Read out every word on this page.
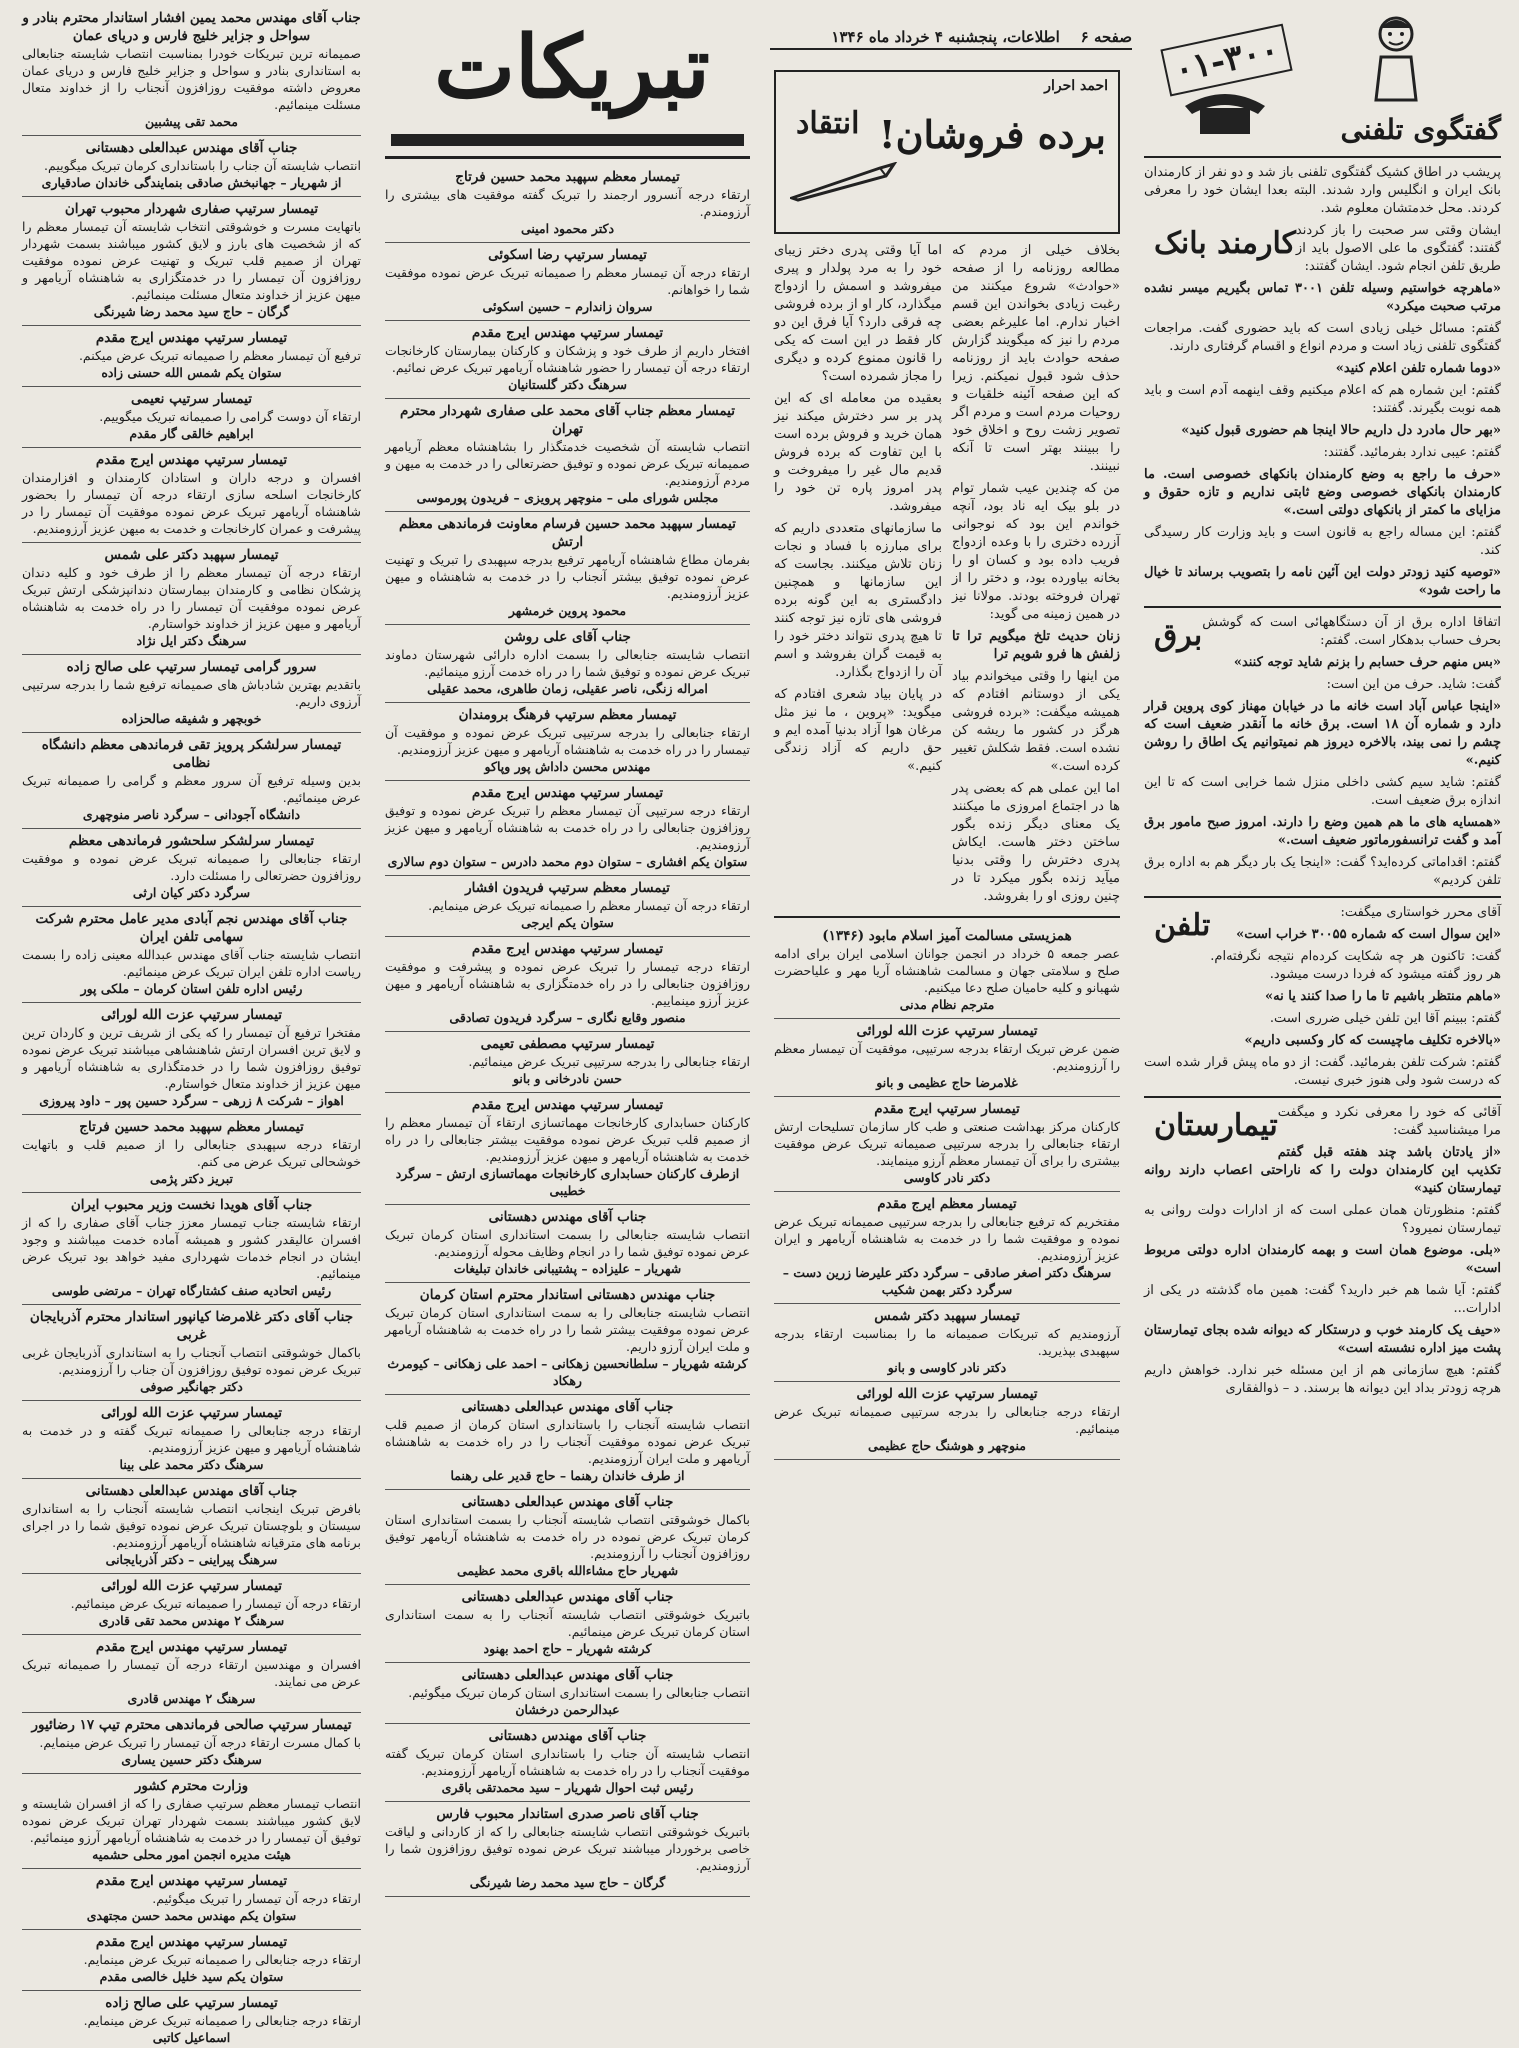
صفحه ۶    اطلاعات، پنجشنبه ۴ خرداد ماه ۱۳۴۶	۰۱-۳۰۰
گفتگوی تلفنی

پریشب در اطاق کشیک گفتگوی تلفنی باز شد و دو نفر از کارمندان بانک ایران و انگلیس وارد شدند. البته بعدا ایشان خود را معرفی کردند. محل خدمتشان معلوم شد.

کارمند بانک ایشان وقتی سر صحبت را باز کردند گفتند: گفتگوی ما علی الاصول باید از طریق تلفن انجام شود. ایشان گفتند:

«ماهرچه خواستیم وسیله تلفن ۳۰۰۱ تماس بگیریم میسر نشده مرتب صحبت میکرد»

گفتم: مسائل خیلی زیادی است که باید حضوری گفت. مراجعات گفتگوی تلفنی زیاد است و مردم انواع و اقسام گرفتاری دارند.

«دوما شماره تلفن اعلام کنید»

گفتم: این شماره هم که اعلام میکنیم وقف اینهمه آدم است و باید همه نوبت بگیرند. گفتند:

«بهر حال مادرد دل داریم حالا اینجا هم حضوری قبول کنید»

گفتم: عیبی ندارد بفرمائید. گفتند:

«حرف ما راجع به وضع کارمندان بانکهای خصوصی است. ما کارمندان بانکهای خصوصی وضع ثابتی نداریم و تازه حقوق و مزایای ما کمتر از بانکهای دولتی است.»

گفتم: این مساله راجع به قانون است و باید وزارت کار رسیدگی کند.

«توصیه کنید زودتر دولت این آئین نامه را بتصویب برساند تا خیال ما راحت شود»

برق اتفاقا اداره برق از آن دستگاههائی است که گوشش بحرف حساب بدهکار است. گفتم:

«بس منهم حرف حسابم را بزنم شاید توجه کنند»

گفت: شاید. حرف من این است:

«اینجا عباس آباد است خانه ما در خیابان مهناز کوی پروین قرار دارد و شماره آن ۱۸ است. برق خانه ما آنقدر ضعیف است که چشم را نمی بیند، بالاخره دیروز هم نمیتوانیم یک اطاق را روشن کنیم.»

گفتم: شاید سیم کشی داخلی منزل شما خرابی است که تا این اندازه برق ضعیف است.

«همسایه های ما هم همین وضع را دارند. امروز صبح مامور برق آمد و گفت ترانسفورماتور ضعیف است.»

گفتم: اقداماتی کرده‌اید؟ گفت: «اینجا یک بار دیگر هم به اداره برق تلفن کردیم»

تلفن	آقای محرر خواستاری میگفت:

«این سوال است که شماره ۳۰۰۵۵ خراب است»

گفت: تاکنون هر چه شکایت کرده‌ام نتیجه نگرفته‌ام. هر روز گفته میشود که فردا درست میشود.

«ماهم منتظر باشیم تا ما را صدا کنند یا نه»

گفتم: ببینم آقا این تلفن خیلی ضرری است.

«بالاخره تکلیف ماچیست که کار وکسبی داریم»

گفتم: شرکت تلفن بفرمائید. گفت: از دو ماه پیش قرار شده است که درست شود ولی هنوز خبری نیست.

تیمارستان آقائی که خود را معرفی نکرد و میگفت مرا میشناسید گفت:

«از یادتان باشد چند هفته قبل گفتم تکذیب این کارمندان دولت را که ناراحتی اعصاب دارند روانه تیمارستان کنید»

گفتم: منظورتان همان عملی است که از ادارات دولت روانی به تیمارستان نمیرود؟

«بلی. موضوع همان است و بهمه کارمندان اداره دولتی مربوط است»

گفتم: آیا شما هم خبر دارید؟ گفت: همین ماه گذشته در یکی از ادارات...

«حیف یک کارمند خوب و درستکار که دیوانه شده بجای تیمارستان پشت میز اداره نشسته است»

گفتم: هیچ سازمانی هم از این مسئله خبر ندارد. خواهش داریم هرچه زودتر بداد این دیوانه ها برسند. د – ذوالفقاری

انتقاد
احمد احرار
برده فروشان!

بخلاف خیلی از مردم که مطالعه روزنامه را از صفحه «حوادث» شروع میکنند من رغبت زیادی بخواندن این قسم اخبار ندارم. اما علیرغم بعضی مردم را نیز که میگویند گزارش صفحه حوادث باید از روزنامه حذف شود قبول نمیکنم. زیرا که این صفحه آئینه خلقیات و روحیات مردم است و مردم اگر تصویر زشت روح و اخلاق خود را ببینند بهتر است تا آنکه نبینند.

من که چندین عیب شمار توام در بلو بیک ایه ناد بود، آنچه خواندم این بود که نوجوانی آزرده دختری را با وعده ازدواج فریب داده بود و کسان او را بخانه بیاورده بود، و دختر را از تهران فروخته بودند. مولانا نیز در همین زمینه می گوید:

زنان حدیث تلخ میگویم ترا تا زلفش ها فرو شویم ترا

من اینها را وقتی میخواندم بیاد یکی از دوستانم افتادم که همیشه میگفت: «برده فروشی هرگز در کشور ما ریشه کن نشده است. فقط شکلش تغییر کرده است.»

اما این عملی هم که بعضی پدر ها در اجتماع امروزی ما میکنند یک معنای دیگر زنده بگور ساختن دختر هاست. ایکاش پدری دخترش را وقتی بدنیا میآید زنده بگور میکرد تا در چنین روزی او را بفروشد.

اما آیا وقتی پدری دختر زیبای خود را به مرد پولدار و پیری میفروشد و اسمش را ازدواج میگذارد، کار او از برده فروشی چه فرقی دارد؟ آیا فرق این دو کار فقط در این است که یکی را قانون ممنوع کرده و دیگری را مجاز شمرده است؟

بعقیده من معامله ای که این پدر بر سر دخترش میکند نیز همان خرید و فروش برده است با این تفاوت که برده فروش قدیم مال غیر را میفروخت و پدر امروز پاره تن خود را میفروشد.

ما سازمانهای متعددی داریم که برای مبارزه با فساد و نجات زنان تلاش میکنند. بجاست که این سازمانها و همچنین دادگستری به این گونه برده فروشی های تازه نیز توجه کنند تا هیچ پدری نتواند دختر خود را به قیمت گران بفروشد و اسم آن را ازدواج بگذارد.

در پایان بیاد شعری افتادم که میگوید: «پروین ، ما نیز مثل مرغان هوا آزاد بدنیا آمده ایم و حق داریم که آزاد زندگی کنیم.»

همزیستی مسالمت آمیز اسلام مابود (۱۳۴۶)
عصر جمعه ۵ خرداد در انجمن جوانان اسلامی ایران برای ادامه صلح و سلامتی جهان و مسالمت شاهنشاه آریا مهر و علیاحضرت شهبانو و کلیه حامیان صلح دعا میکنیم.
مترجم نظام مدنی
تیمسار سرتیپ عزت الله لورائی
ضمن عرض تبریک ارتقاء بدرجه سرتیپی، موفقیت آن تیمسار معظم را آرزومندیم.
غلامرضا حاج عظیمی و بانو
تیمسار سرتیپ ایرج مقدم
کارکنان مرکز بهداشت صنعتی و طب کار سازمان تسلیحات ارتش ارتقاء جنابعالی را بدرجه سرتیپی صمیمانه تبریک عرض موفقیت بیشتری را برای آن تیمسار معظم آرزو مینمایند.
دکتر نادر کاوسی
تیمسار معظم ایرج مقدم
مفتخریم که ترفیع جنابعالی را بدرجه سرتیپی صمیمانه تبریک عرض نموده و موفقیت شما را در خدمت به شاهنشاه آریامهر و ایران عزیز آرزومندیم.
سرهنگ دکتر اصغر صادقی – سرگرد دکتر علیرضا زرین دست – سرگرد دکتر بهمن شکیب
تیمسار سپهبد دکتر شمس
آرزومندیم که تبریکات صمیمانه ما را بمناسبت ارتقاء بدرجه سپهبدی بپذیرید.
دکتر نادر کاوسی و بانو
تیمسار سرتیپ عزت الله لورائی
ارتقاء درجه جنابعالی را بدرجه سرتیپی صمیمانه تبریک عرض مینمائیم.
منوچهر و هوشنگ حاج عظیمی
تبریکات
تیمسار معظم سپهبد محمد حسین فرتاج
ارتقاء درجه آنسرور ارجمند را تبریک گفته موفقیت های بیشتری را آرزومندم.
دکتر محمود امینی
تیمسار سرتیپ رضا اسکوئی
ارتقاء درجه آن تیمسار معظم را صمیمانه تبریک عرض نموده موفقیت شما را خواهانم.
سروان زاندارم – حسین اسکوئی
تیمسار سرتیپ مهندس ایرج مقدم
افتخار داریم از طرف خود و پزشکان و کارکنان بیمارستان کارخانجات ارتقاء درجه آن تیمسار را حضور شاهنشاه آریامهر تبریک عرض نمائیم.
سرهنگ دکتر گلستانیان
تیمسار معظم جناب آقای محمد علی صفاری شهردار محترم تهران
انتصاب شایسته آن شخصیت خدمتگذار را بشاهنشاه معظم آریامهر صمیمانه تبریک عرض نموده و توفیق حضرتعالی را در خدمت به میهن و مردم آرزومندیم.
مجلس شورای ملی – منوچهر پرویزی – فریدون پورموسی
تیمسار سپهبد محمد حسین فرسام معاونت فرماندهی معظم ارتش
بفرمان مطاع شاهنشاه آریامهر ترفیع بدرجه سپهبدی را تبریک و تهنیت عرض نموده توفیق بیشتر آنجناب را در خدمت به شاهنشاه و میهن عزیز آرزومندیم.
محمود پروین خرمشهر
جناب آقای علی روشن
انتصاب شایسته جنابعالی را بسمت اداره دارائی شهرستان دماوند تبریک عرض نموده و توفیق شما را در راه خدمت آرزو مینمائیم.
امراله زنگی، ناصر عقیلی، زمان طاهری، محمد عقیلی
تیمسار معظم سرتیپ فرهنگ برومندان
ارتقاء جنابعالی را بدرجه سرتیپی تبریک عرض نموده و موفقیت آن تیمسار را در راه خدمت به شاهنشاه آریامهر و میهن عزیز آرزومندیم.
مهندس محسن داداش پور وپاکو
تیمسار سرتیپ مهندس ایرج مقدم
ارتقاء درجه سرتیپی آن تیمسار معظم را تبریک عرض نموده و توفیق روزافزون جنابعالی را در راه خدمت به شاهنشاه آریامهر و میهن عزیز آرزومندیم.
ستوان یکم افشاری – ستوان دوم محمد دادرس – ستوان دوم سالاری
تیمسار معظم سرتیپ فریدون افشار
ارتقاء درجه آن تیمسار معظم را صمیمانه تبریک عرض مینمایم.
ستوان یکم ایرجی
تیمسار سرتیپ مهندس ایرج مقدم
ارتقاء درجه تیمسار را تبریک عرض نموده و پیشرفت و موفقیت روزافزون جنابعالی را در راه خدمتگزاری به شاهنشاه آریامهر و میهن عزیز آرزو مینماییم.
منصور وقایع نگاری – سرگرد فریدون تصادقی
تیمسار سرتیپ مصطفی تعیمی
ارتقاء جنابعالی را بدرجه سرتیپی تبریک عرض مینمائیم.
حسن نادرخانی و بانو
تیمسار سرتیپ مهندس ایرج مقدم
کارکنان حسابداری کارخانجات مهماتسازی ارتقاء آن تیمسار معظم را از صمیم قلب تبریک عرض نموده موفقیت بیشتر جنابعالی را در راه خدمت به شاهنشاه آریامهر و میهن عزیز آرزومندیم.
ازطرف کارکنان حسابداری کارخانجات مهماتسازی ارتش – سرگرد خطیبی
جناب آقای مهندس دهستانی
انتصاب شایسته جنابعالی را بسمت استانداری استان کرمان تبریک عرض نموده توفیق شما را در انجام وظایف محوله آرزومندیم.
شهریار – علیزاده – پشتیبانی خاندان تبلیغات
جناب مهندس دهستانی استاندار محترم استان کرمان
انتصاب شایسته جنابعالی را به سمت استانداری استان کرمان تبریک عرض نموده موفقیت بیشتر شما را در راه خدمت به شاهنشاه آریامهر و ملت ایران آرزو داریم.
کرشته شهریار – سلطانحسین زهکانی – احمد علی زهکانی – کیومرث رهکاد
جناب آقای مهندس عبدالعلی دهستانی
انتصاب شایسته آنجناب را باستانداری استان کرمان از صمیم قلب تبریک عرض نموده موفقیت آنجناب را در راه خدمت به شاهنشاه آریامهر و ملت ایران آرزومندیم.
از طرف خاندان رهنما – حاج قدیر علی رهنما
جناب آقای مهندس عبدالعلی دهستانی
باکمال خوشوقتی انتصاب شایسته آنجناب را بسمت استانداری استان کرمان تبریک عرض نموده در راه خدمت به شاهنشاه آریامهر توفیق روزافزون آنجناب را آرزومندیم.
شهریار حاج مشاءالله باقری محمد عظیمی
جناب آقای مهندس عبدالعلی دهستانی
باتبریک خوشوقتی انتصاب شایسته آنجناب را به سمت استانداری استان کرمان تبریک عرض مینمائیم.
کرشته شهریار – حاج احمد بهنود
جناب آقای مهندس عبدالعلی دهستانی
انتصاب جنابعالی را بسمت استانداری استان کرمان تبریک میگوئیم.
عبدالرحمن درخشان
جناب آقای مهندس دهستانی
انتصاب شایسته آن جناب را باستانداری استان کرمان تبریک گفته موفقیت آنجناب را در راه خدمت به شاهنشاه آریامهر آرزومندیم.
رئیس ثبت احوال شهریار – سید محمدتقی باقری
جناب آقای ناصر صدری استاندار محبوب فارس
باتبریک خوشوقتی انتصاب شایسته جنابعالی را که از کاردانی و لیاقت خاصی برخوردار میباشند تبریک عرض نموده توفیق روزافزون شما را آرزومندیم.
گرگان – حاج سید محمد رضا شیرنگی
جناب آقای مهندس محمد یمین افشار استاندار محترم بنادر و سواحل و جزایر خلیج فارس و دریای عمان
صمیمانه ترین تبریکات خودرا بمناسبت انتصاب شایسته جنابعالی به استانداری بنادر و سواحل و جزایر خلیج فارس و دریای عمان معروض داشته موفقیت روزافزون آنجناب را از خداوند متعال مسئلت مینمائیم.
محمد تقی پیشبین
جناب آقای مهندس عبدالعلی دهستانی
انتصاب شایسته آن جناب را باستانداری کرمان تبریک میگوییم.
از شهریار – جهانبخش صادقی بنمایندگی خاندان صادقیاری
تیمسار سرتیپ صفاری شهردار محبوب تهران
باتهایت مسرت و خوشوقتی انتخاب شایسته آن تیمسار معظم را که از شخصیت های بارز و لایق کشور میباشند بسمت شهردار تهران از صمیم قلب تبریک و تهنیت عرض نموده موفقیت روزافزون آن تیمسار را در خدمتگزاری به شاهنشاه آریامهر و میهن عزیز از خداوند متعال مسئلت مینمائیم.
گرگان – حاج سید محمد رضا شیرنگی
تیمسار سرتیپ مهندس ایرج مقدم
ترفیع آن تیمسار معظم را صمیمانه تبریک عرض میکنم.
ستوان یکم شمس الله حسنی زاده
تیمسار سرتیپ نعیمی
ارتقاء آن دوست گرامی را صمیمانه تبریک میگوییم.
ابراهیم خالقی گار مقدم
تیمسار سرتیپ مهندس ایرج مقدم
افسران و درجه داران و استادان کارمندان و افزارمندان کارخانجات اسلحه سازی ارتقاء درجه آن تیمسار را بحضور شاهنشاه آریامهر تبریک عرض نموده موفقیت آن تیمسار را در پیشرفت و عمران کارخانجات و خدمت به میهن عزیز آرزومندیم.
تیمسار سپهبد دکتر علی شمس
ارتقاء درجه آن تیمسار معظم را از طرف خود و کلیه دندان پزشکان نظامی و کارمندان بیمارستان دندانپزشکی ارتش تبریک عرض نموده موفقیت آن تیمسار را در راه خدمت به شاهنشاه آریامهر و میهن عزیز از خداوند خواستارم.
سرهنگ دکتر ایل نژاد
سرور گرامی تیمسار سرتیپ علی صالح زاده
باتقدیم بهترین شادباش های صمیمانه ترفیع شما را بدرجه سرتیپی آرزوی داریم.
خوبچهر و شفیقه صالحزاده
تیمسار سرلشکر پرویز تقی فرماندهی معظم دانشگاه نظامی
بدین وسیله ترفیع آن سرور معظم و گرامی را صمیمانه تبریک عرض مینمائیم.
دانشگاه آجودانی – سرگرد ناصر منوچهری
تیمسار سرلشکر سلحشور فرماندهی معظم
ارتقاء جنابعالی را صمیمانه تبریک عرض نموده و موفقیت روزافزون حضرتعالی را مسئلت دارد.
سرگرد دکتر کیان ارثی
جناب آقای مهندس نجم آبادی مدیر عامل محترم شرکت سهامی تلفن ایران
انتصاب شایسته جناب آقای مهندس عبدالله معینی زاده را بسمت ریاست اداره تلفن ایران تبریک عرض مینمائیم.
رئیس اداره تلفن استان کرمان – ملکی پور
تیمسار سرتیپ عزت الله لورائی
مفتخرا ترفیع آن تیمسار را که یکی از شریف ترین و کاردان ترین و لایق ترین افسران ارتش شاهنشاهی میباشند تبریک عرض نموده توفیق روزافزون شما را در خدمتگذاری به شاهنشاه آریامهر و میهن عزیز از خداوند متعال خواستارم.
اهواز – شرکت ۸ زرهی – سرگرد حسین پور – داود پیروزی
تیمسار معظم سپهبد محمد حسین فرتاج
ارتقاء درجه سپهبدی جنابعالی را از صمیم قلب و باتهایت خوشحالی تبریک عرض می کنم.
تبریز دکتر پژمی
جناب آقای هویدا نخست وزیر محبوب ایران
ارتقاء شایسته جناب تیمسار معزز جناب آقای صفاری را که از افسران عالیقدر کشور و همیشه آماده خدمت میباشند و وجود ایشان در انجام خدمات شهرداری مفید خواهد بود تبریک عرض مینمائیم.
رئیس اتحادیه صنف کشتارگاه تهران – مرتضی طوسی
جناب آقای دکتر غلامرضا کیانپور استاندار محترم آذربایجان غربی
باکمال خوشوقتی انتصاب آنجناب را به استانداری آذربایجان غربی تبریک عرض نموده توفیق روزافزون آن جناب را آرزومندیم.
دکتر جهانگیر صوفی
تیمسار سرتیپ عزت الله لورائی
ارتقاء درجه جنابعالی را صمیمانه تبریک گفته و در خدمت به شاهنشاه آریامهر و میهن عزیز آرزومندیم.
سرهنگ دکتر محمد علی بینا
جناب آقای مهندس عبدالعلی دهستانی
بافرض تبریک اینجانب انتصاب شایسته آنجناب را به استانداری سیستان و بلوچستان تبریک عرض نموده توفیق شما را در اجرای برنامه های مترقیانه شاهنشاه آریامهر آرزومندیم.
سرهنگ پیراینی – دکتر آذربایجانی
تیمسار سرتیپ عزت الله لورائی
ارتقاء درجه آن تیمسار را صمیمانه تبریک عرض مینمائیم.
سرهنگ ۲ مهندس محمد تقی قادری
تیمسار سرتیپ مهندس ایرج مقدم
افسران و مهندسین ارتقاء درجه آن تیمسار را صمیمانه تبریک عرض می نمایند.
سرهنگ ۲ مهندس قادری
تیمسار سرتیپ صالحی فرماندهی محترم تیپ ۱۷ رضائیور
با کمال مسرت ارتقاء درجه آن تیمسار را تبریک عرض مینمایم.
سرهنگ دکتر حسین یساری
وزارت محترم کشور
انتصاب تیمسار معظم سرتیپ صفاری را که از افسران شایسته و لایق کشور میباشند بسمت شهردار تهران تبریک عرض نموده توفیق آن تیمسار را در خدمت به شاهنشاه آریامهر آرزو مینمائیم.
هیئت مدیره انجمن امور محلی حشمیه
تیمسار سرتیپ مهندس ایرج مقدم
ارتقاء درجه آن تیمسار را تبریک میگوئیم.
ستوان یکم مهندس محمد حسن مجتهدی
تیمسار سرتیپ مهندس ایرج مقدم
ارتقاء درجه جنابعالی را صمیمانه تبریک عرض مینمایم.
ستوان یکم سید خلیل خالصی مقدم
تیمسار سرتیپ علی صالح زاده
ارتقاء درجه جنابعالی را صمیمانه تبریک عرض مینمایم.
اسماعیل کاتبی
